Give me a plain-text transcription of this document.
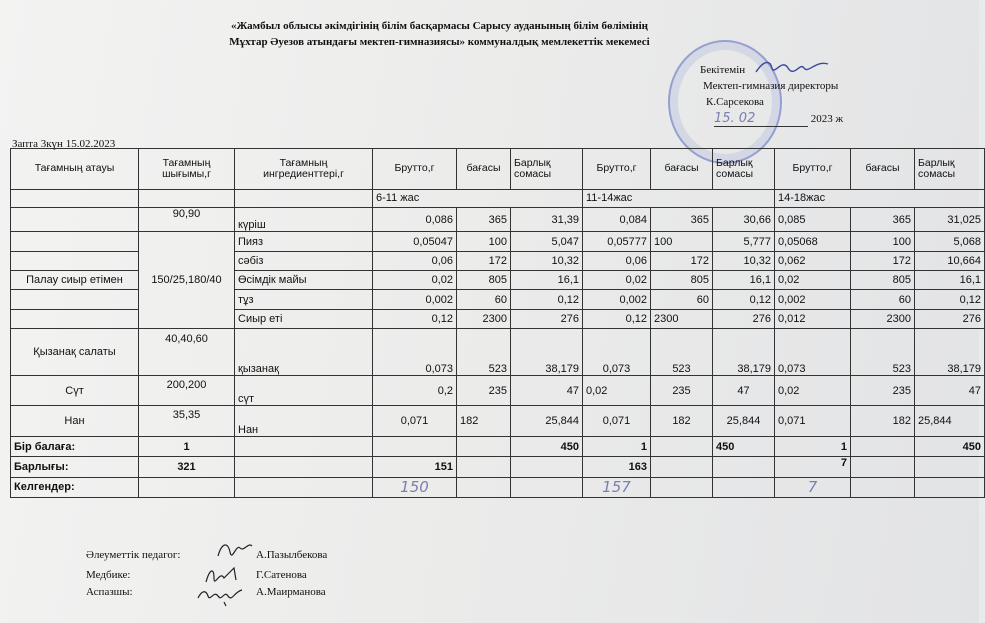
«Жамбыл облысы әкімдігінің білім басқармасы Сарысу ауданының білім бөлімінің
Мұхтар Әуезов атындағы мектеп-гимназиясы» коммуналдық мемлекеттік мекемесі
Бекітемін
Мектеп-гимназия директоры
К.Сарсекова
15. 02	2023 ж
Запта 3күн 15.02.2023
Тағамның атауы	Тағамның шығымы,г	Тағамның ингредиенттері,г	Брутто,г	бағасы	Барлық сомасы	Брутто,г	бағасы	Барлық сомасы	Брутто,г	бағасы	Барлық сомасы
			6-11 жас			11-14жас			14-18жас		
	90,90	күріш	0,086	365	31,39	0,084	365	30,66	0,085	365	31,025
	150/25,180/40	Пияз	0,05047	100	5,047	0,05777	100	5,777	0,05068	100	5,068
		сәбіз	0,06	172	10,32	0,06	172	10,32	0,062	172	10,664
Палау сиыр етімен		Өсімдік майы	0,02	805	16,1	0,02	805	16,1	0,02	805	16,1
		тұз	0,002	60	0,12	0,002	60	0,12	0,002	60	0,12
		Сиыр еті	0,12	2300	276	0,12	2300	276	0,012	2300	276
Қызанақ салаты	40,40,60	қызанақ	0,073	523	38,179	0,073	523	38,179	0,073	523	38,179
Сүт	200,200	сүт	0,2	235	47	0,02	235	47	0,02	235	47
Нан	35,35	Нан	0,071	182	25,844	0,071	182	25,844	0,071	182	25,844
Бір балаға:	1				450	1		450	1		450
Барлығы:	321		151			163			7		
Келгендер:			150			157			7		
Әлеуметтік педагог:
Медбике:
Аспазшы:
А.Пазылбекова
Г.Сатенова
А.Маирманова
